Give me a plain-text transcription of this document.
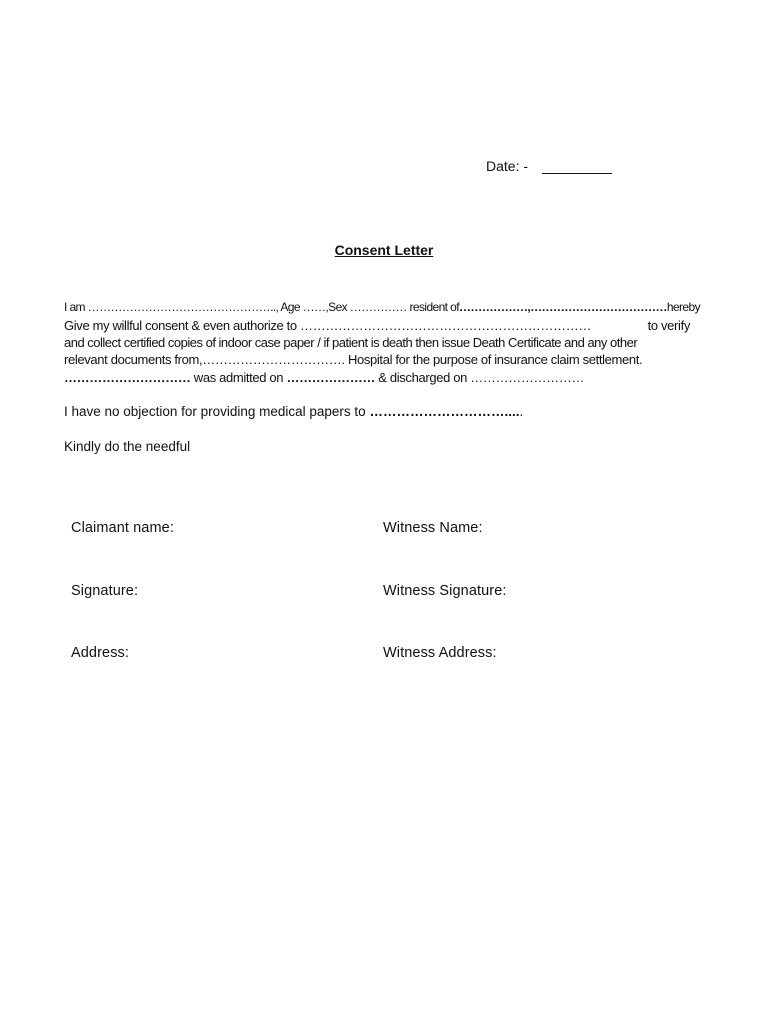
Date: -
Consent Letter
I am ………………………………………….., Age ……, Sex …………… resident of ………………,……………………………… hereby
Give my willful consent & even authorize to ……………………………………………………………	to verify
and collect certified copies of indoor case paper / if patient is death then issue Death Certificate and any other
relevant documents from,……………………………. Hospital for the purpose of insurance claim settlement.
………………………… was admitted on ………………… & discharged on ………………………
I have no objection for providing medical papers to ………………………….....
Kindly do the needful
Claimant name:	Witness Name:
Signature:	Witness Signature:
Address:	Witness Address:
